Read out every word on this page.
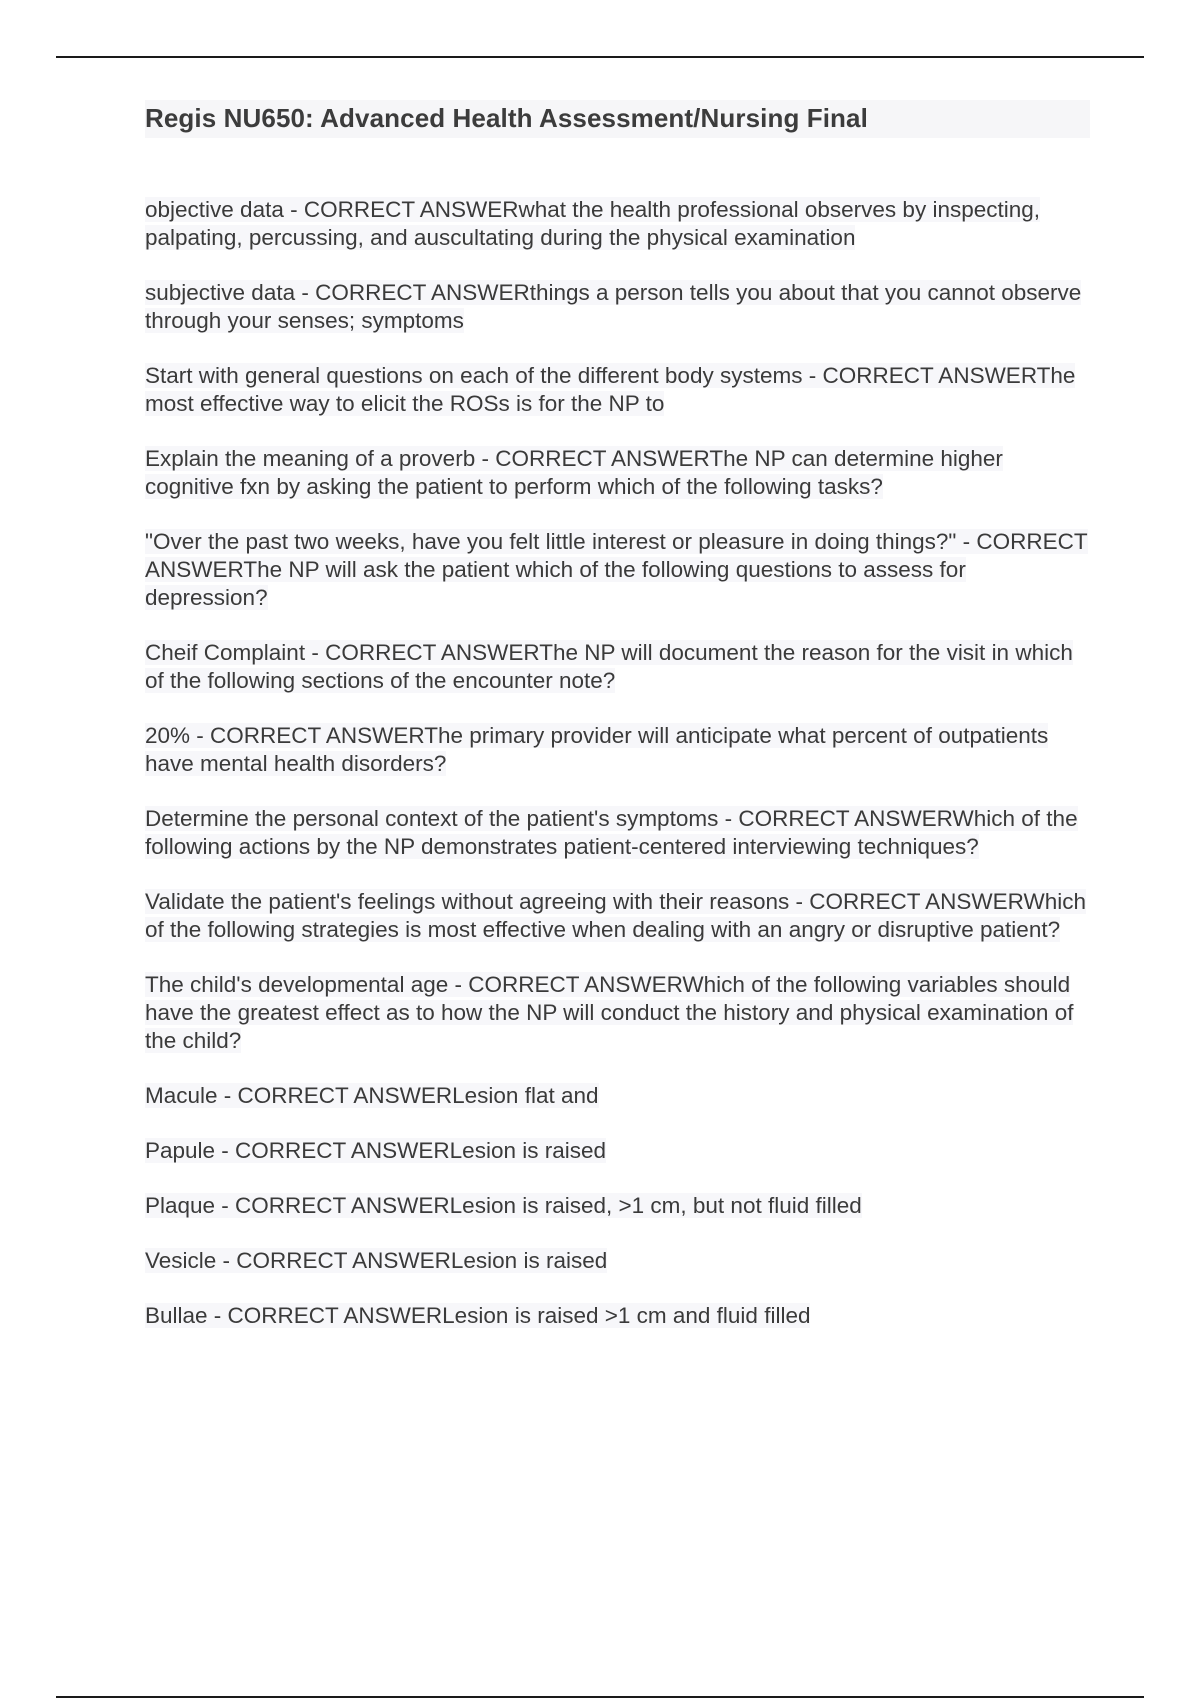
Regis NU650: Advanced Health Assessment/Nursing Final
objective data - CORRECT ANSWERwhat the health professional observes by inspecting, palpating, percussing, and auscultating during the physical examination
subjective data - CORRECT ANSWERthings a person tells you about that you cannot observe through your senses; symptoms
Start with general questions on each of the different body systems - CORRECT ANSWERThe most effective way to elicit the ROSs is for the NP to
Explain the meaning of a proverb - CORRECT ANSWERThe NP can determine higher cognitive fxn by asking the patient to perform which of the following tasks?
"Over the past two weeks, have you felt little interest or pleasure in doing things?" - CORRECT ANSWERThe NP will ask the patient which of the following questions to assess for depression?
Cheif Complaint - CORRECT ANSWERThe NP will document the reason for the visit in which of the following sections of the encounter note?
20% - CORRECT ANSWERThe primary provider will anticipate what percent of outpatients have mental health disorders?
Determine the personal context of the patient's symptoms - CORRECT ANSWERWhich of the following actions by the NP demonstrates patient-centered interviewing techniques?
Validate the patient's feelings without agreeing with their reasons - CORRECT ANSWERWhich of the following strategies is most effective when dealing with an angry or disruptive patient?
The child's developmental age - CORRECT ANSWERWhich of the following variables should have the greatest effect as to how the NP will conduct the history and physical examination of the child?
Macule - CORRECT ANSWERLesion flat and
Papule - CORRECT ANSWERLesion is raised
Plaque - CORRECT ANSWERLesion is raised, >1 cm, but not fluid filled
Vesicle - CORRECT ANSWERLesion is raised
Bullae - CORRECT ANSWERLesion is raised >1 cm and fluid filled
